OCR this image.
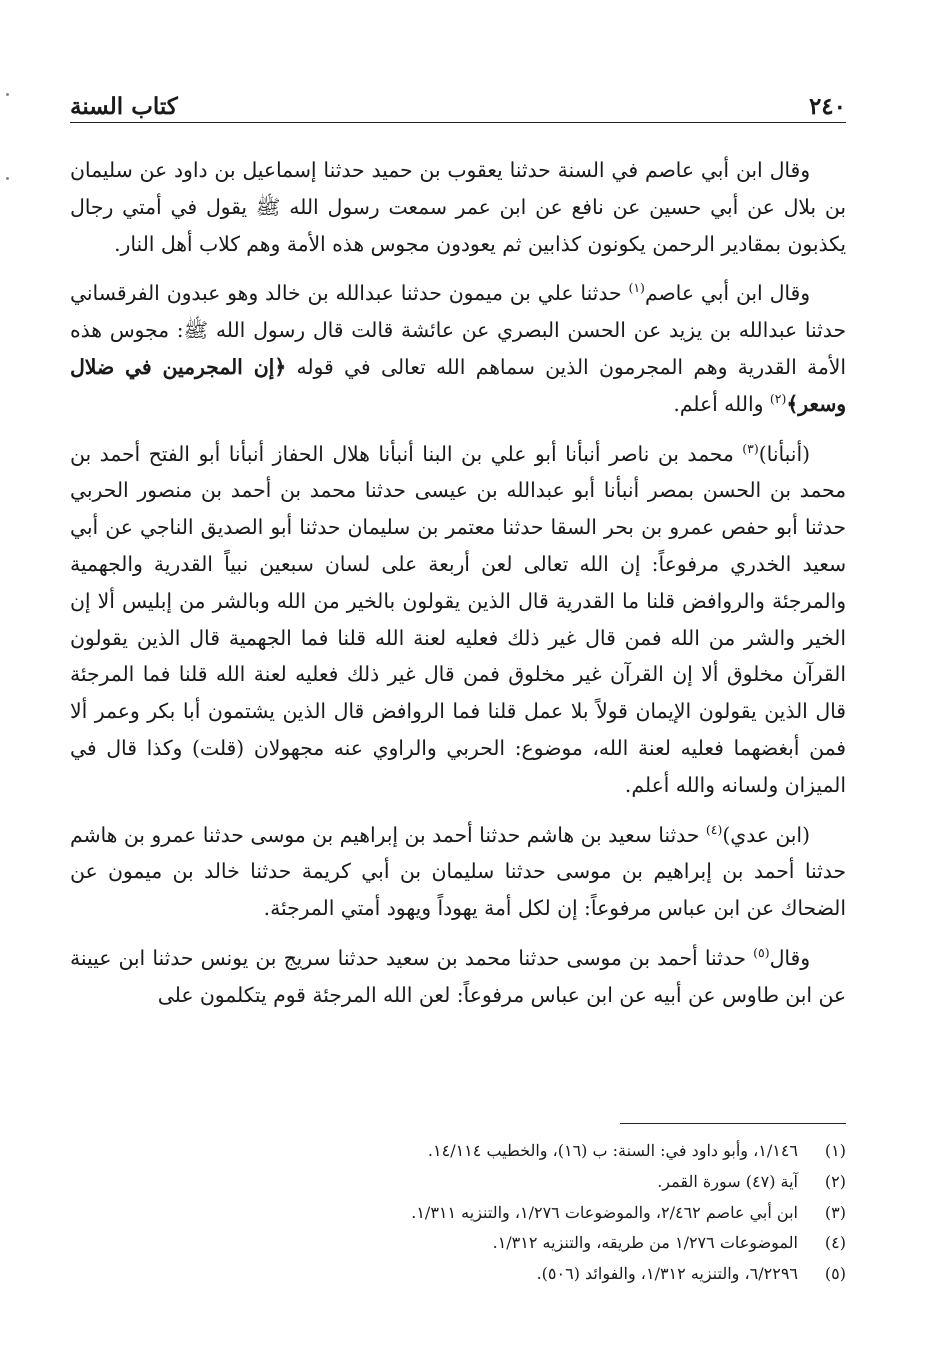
٢٤٠
كتاب السنة

وقال ابن أبي عاصم في السنة حدثنا يعقوب بن حميد حدثنا إسماعيل بن داود عن سليمان بن بلال عن أبي حسين عن نافع عن ابن عمر سمعت رسول الله ﷺ يقول في أمتي رجال يكذبون بمقادير الرحمن يكونون كذابين ثم يعودون مجوس هذه الأمة وهم كلاب أهل النار.

وقال ابن أبي عاصم$^{(١)}$ حدثنا علي بن ميمون حدثنا عبدالله بن خالد وهو عبدون الفرقساني حدثنا عبدالله بن يزيد عن الحسن البصري عن عائشة قالت قال رسول الله ﷺ: مجوس هذه الأمة القدرية وهم المجرمون الذين سماهم الله تعالى في قوله ﴿إن المجرمين في ضلال وسعر﴾$^{(٢)}$ والله أعلم.

(أنبأنا)$^{(٣)}$ محمد بن ناصر أنبأنا أبو علي بن البنا أنبأنا هلال الحفاز أنبأنا أبو الفتح أحمد بن محمد بن الحسن بمصر أنبأنا أبو عبدالله بن عيسى حدثنا محمد بن أحمد بن منصور الحربي حدثنا أبو حفص عمرو بن بحر السقا حدثنا معتمر بن سليمان حدثنا أبو الصديق الناجي عن أبي سعيد الخدري مرفوعاً: إن الله تعالى لعن أربعة على لسان سبعين نبياً القدرية والجهمية والمرجئة والروافض قلنا ما القدرية قال الذين يقولون بالخير من الله وبالشر من إبليس ألا إن الخير والشر من الله فمن قال غير ذلك فعليه لعنة الله قلنا فما الجهمية قال الذين يقولون القرآن مخلوق ألا إن القرآن غير مخلوق فمن قال غير ذلك فعليه لعنة الله قلنا فما المرجئة قال الذين يقولون الإيمان قولاً بلا عمل قلنا فما الروافض قال الذين يشتمون أبا بكر وعمر ألا فمن أبغضهما فعليه لعنة الله، موضوع: الحربي والراوي عنه مجهولان (قلت) وكذا قال في الميزان ولسانه والله أعلم.

(ابن عدي)$^{(٤)}$ حدثنا سعيد بن هاشم حدثنا أحمد بن إبراهيم بن موسى حدثنا عمرو بن هاشم حدثنا أحمد بن إبراهيم بن موسى حدثنا سليمان بن أبي كريمة حدثنا خالد بن ميمون عن الضحاك عن ابن عباس مرفوعاً: إن لكل أمة يهوداً ويهود أمتي المرجئة.

وقال$^{(٥)}$ حدثنا أحمد بن موسى حدثنا محمد بن سعيد حدثنا سريج بن يونس حدثنا ابن عيينة عن ابن طاوس عن أبيه عن ابن عباس مرفوعاً: لعن الله المرجئة قوم يتكلمون على

(١)
١/١٤٦، وأبو داود في: السنة: ب (١٦)، والخطيب ١٤/١١٤.
(٢)
آية (٤٧) سورة القمر.
(٣)
ابن أبي عاصم ٢/٤٦٢، والموضوعات ١/٢٧٦، والتنزيه ١/٣١١.
(٤)
الموضوعات ١/٢٧٦ من طريقه، والتنزيه ١/٣١٢.
(٥)
٦/٢٢٩٦، والتنزيه ١/٣١٢، والفوائد (٥٠٦).
